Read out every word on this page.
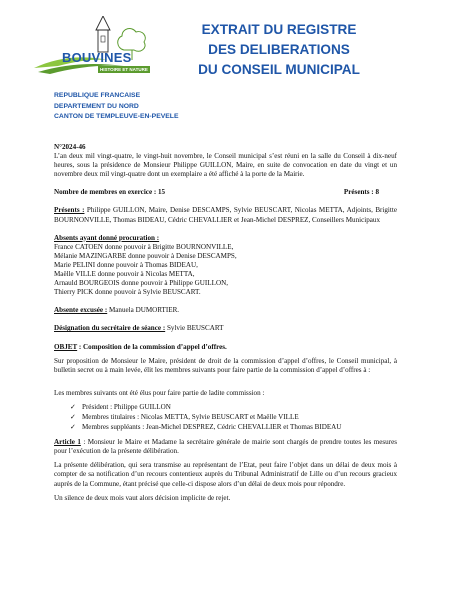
BOUVINES
HISTOIRE ET NATURE
EXTRAIT DU REGISTRE
DES DELIBERATIONS
DU CONSEIL MUNICIPAL
REPUBLIQUE FRANCAISE
DEPARTEMENT DU NORD
CANTON DE TEMPLEUVE-EN-PEVELE

N°2024-46

L’an deux mil vingt-quatre, le vingt-huit novembre, le Conseil municipal s’est réuni en la salle du Conseil à dix-neuf heures, sous la présidence de Monsieur Philippe GUILLON, Maire, en suite de convocation en date du vingt et un novembre deux mil vingt-quatre dont un exemplaire a été affiché à la porte de la Mairie.

Nombre de membres en exercice : 15	Présents : 8

Présents : Philippe GUILLON, Maire, Denise DESCAMPS, Sylvie BEUSCART, Nicolas METTA, Adjoints, Brigitte BOURNONVILLE, Thomas BIDEAU, Cédric CHEVALLIER et Jean-Michel DESPREZ, Conseillers Municipaux

Absents ayant donné procuration :

France CATOEN donne pouvoir à Brigitte BOURNONVILLE,

Mélanie MAZINGARBE donne pouvoir à Denise DESCAMPS,

Marie PELINI donne pouvoir à Thomas BIDEAU,

Maëlle VILLE donne pouvoir à Nicolas METTA,

Arnauld BOURGEOIS donne pouvoir à Philippe GUILLON,

Thierry PICK donne pouvoir à Sylvie BEUSCART.

Absente excusée : Manuela DUMORTIER.

Désignation du secrétaire de séance : Sylvie BEUSCART

OBJET : Composition de la commission d’appel d’offres.

Sur proposition de Monsieur le Maire, président de droit de la commission d’appel d’offres, le Conseil municipal, à bulletin secret ou à main levée, élit les membres suivants pour faire partie de la commission d’appel d’offres à :

Les membres suivants ont été élus pour faire partie de ladite commission :

✓ Président : Philippe GUILLON
✓ Membres titulaires : Nicolas METTA, Sylvie BEUSCART et Maëlle VILLE
✓ Membres suppléants : Jean-Michel DESPREZ, Cédric CHEVALLIER et Thomas BIDEAU

Article 1 : Monsieur le Maire et Madame la secrétaire générale de mairie sont chargés de prendre toutes les mesures pour l’exécution de la présente délibération.

La présente délibération, qui sera transmise au représentant de l’Etat, peut faire l’objet dans un délai de deux mois à compter de sa notification d’un recours contentieux auprès du Tribunal Administratif de Lille ou d’un recours gracieux auprès de la Commune, étant précisé que celle-ci dispose alors d’un délai de deux mois pour répondre.

Un silence de deux mois vaut alors décision implicite de rejet.
